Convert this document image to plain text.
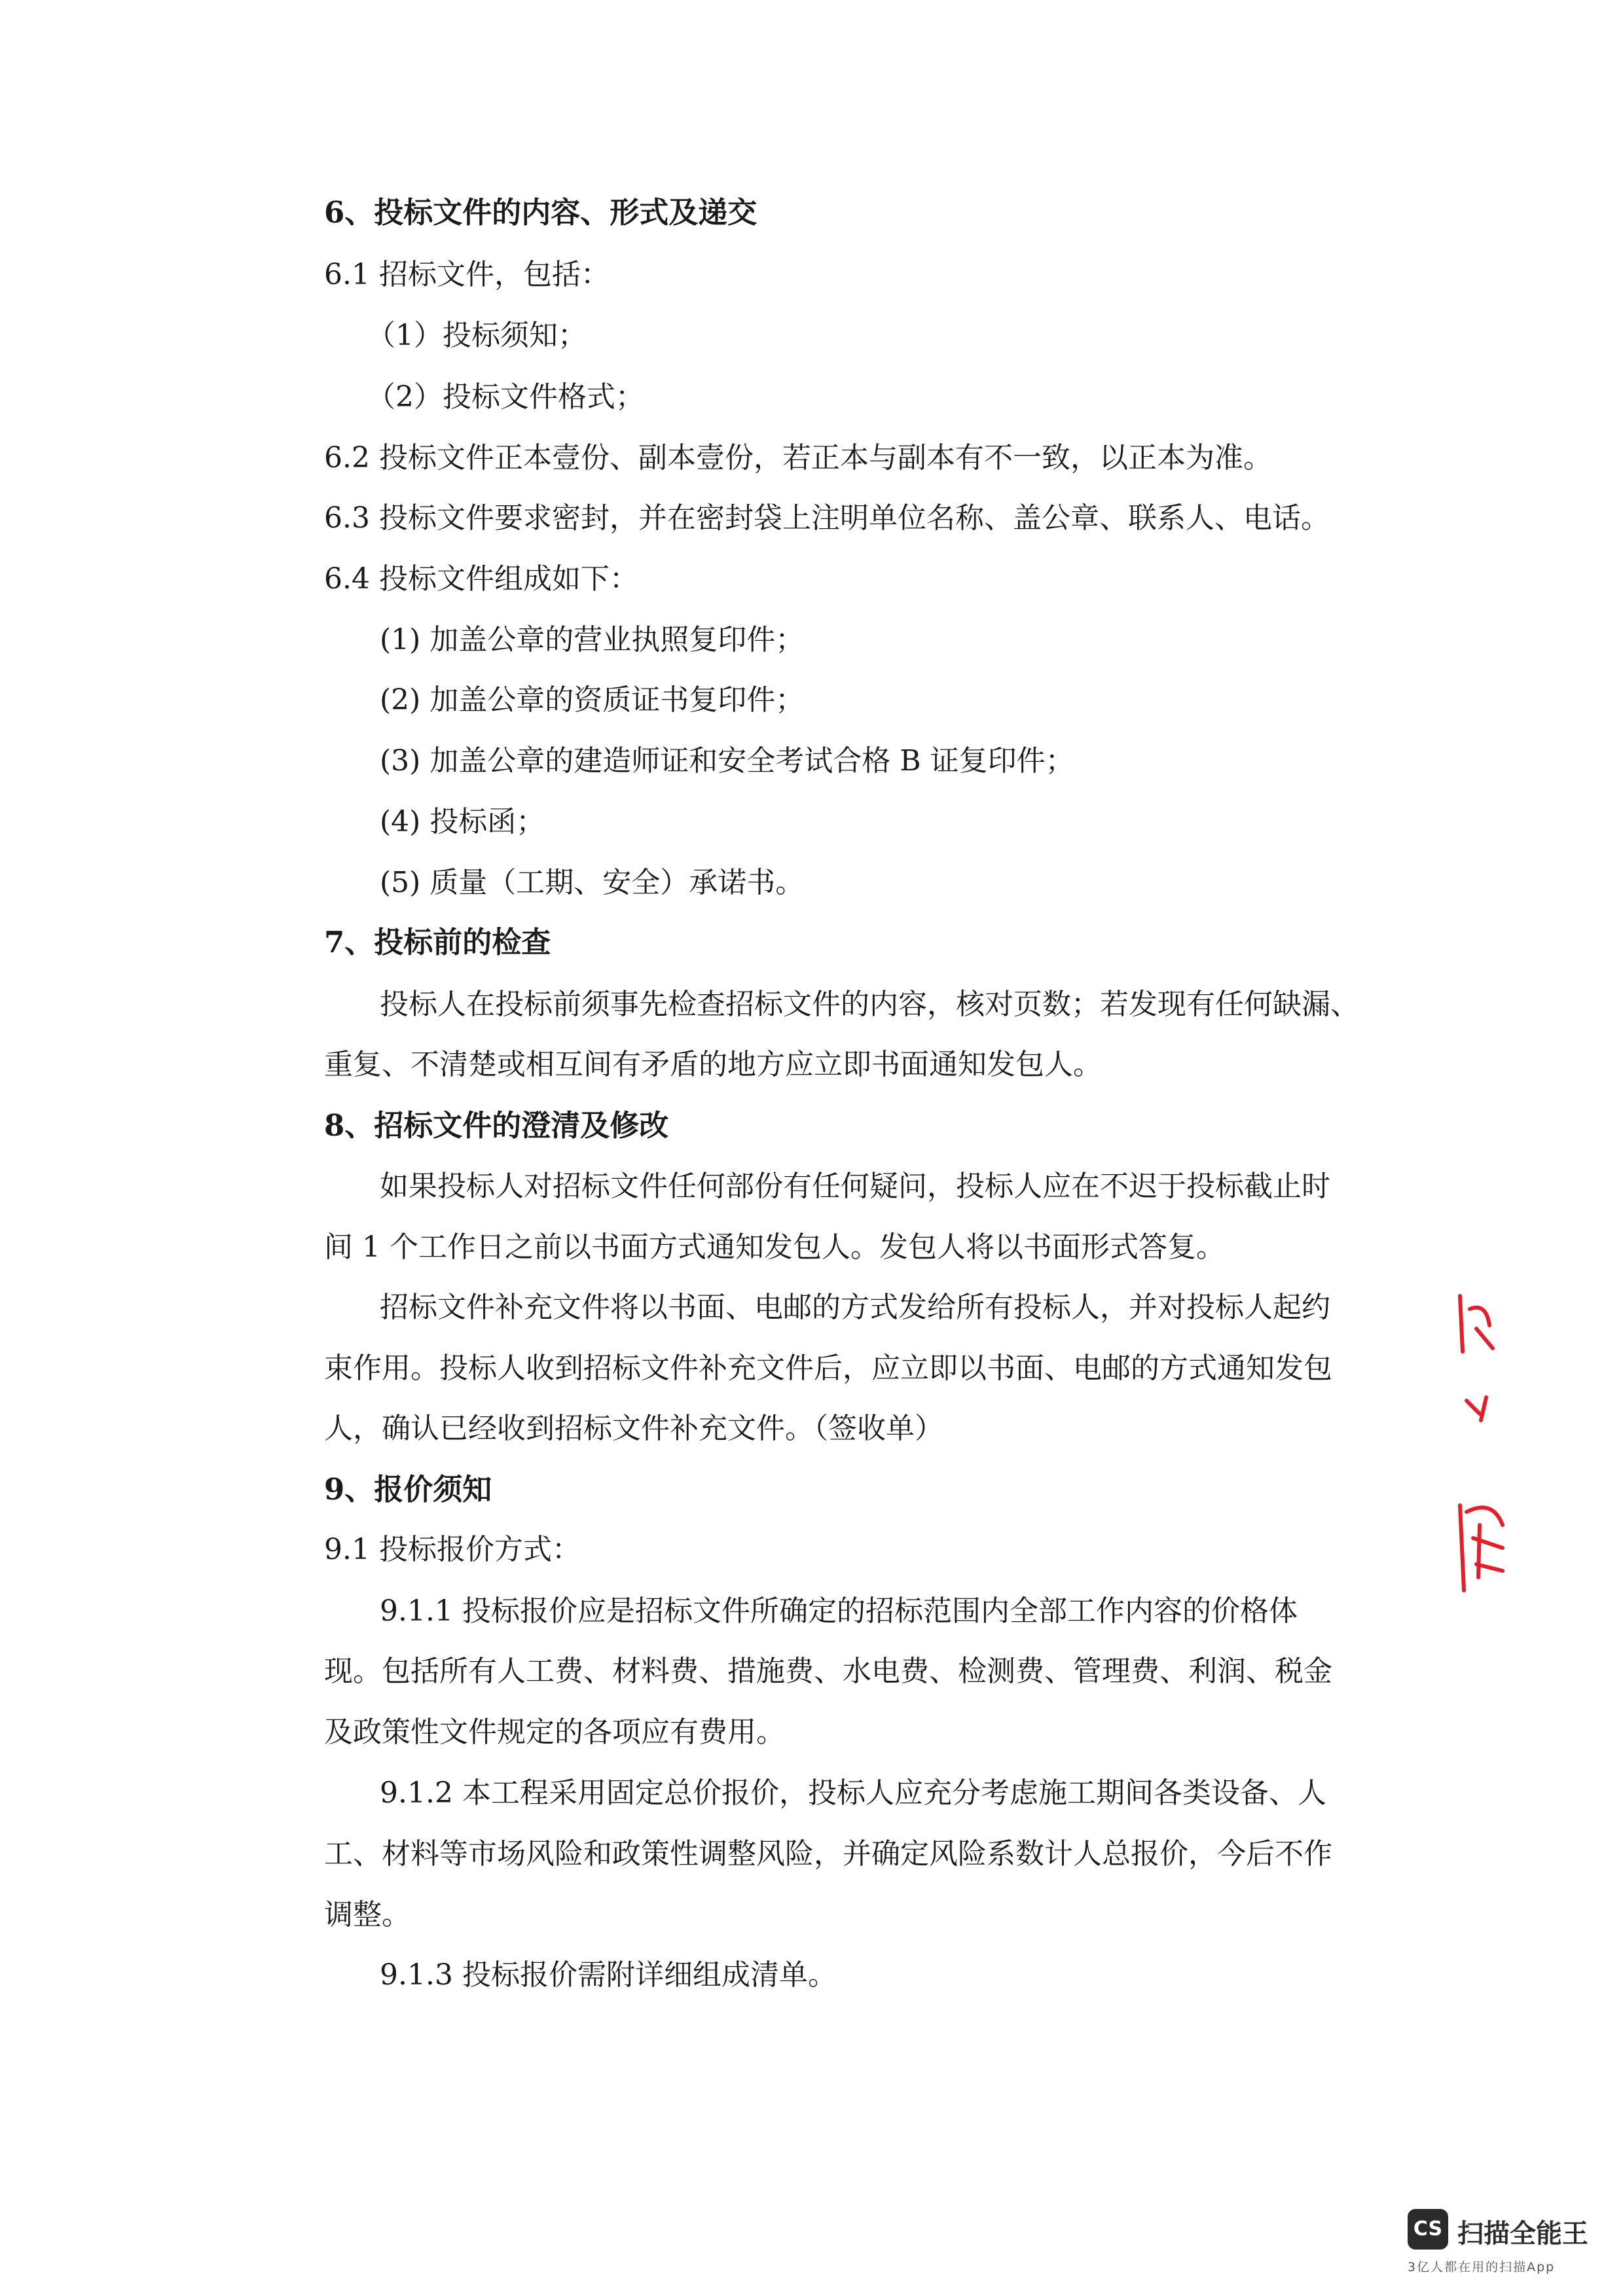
6、投标文件的内容、形式及递交

6.1 招标文件，包括：

（1）投标须知；

（2）投标文件格式；

6.2 投标文件正本壹份、副本壹份，若正本与副本有不一致，以正本为准。

6.3 投标文件要求密封，并在密封袋上注明单位名称、盖公章、联系人、电话。

6.4 投标文件组成如下：

(1) 加盖公章的营业执照复印件；

(2) 加盖公章的资质证书复印件；

(3) 加盖公章的建造师证和安全考试合格 B 证复印件；

(4) 投标函；

(5) 质量（工期、安全）承诺书。

7、投标前的检查

投标人在投标前须事先检查招标文件的内容，核对页数；若发现有任何缺漏、

重复、不清楚或相互间有矛盾的地方应立即书面通知发包人。

8、招标文件的澄清及修改

如果投标人对招标文件任何部份有任何疑问，投标人应在不迟于投标截止时

间 1 个工作日之前以书面方式通知发包人。发包人将以书面形式答复。

招标文件补充文件将以书面、电邮的方式发给所有投标人，并对投标人起约

束作用。投标人收到招标文件补充文件后，应立即以书面、电邮的方式通知发包

人，确认已经收到招标文件补充文件。（签收单）

9、报价须知

9.1 投标报价方式：

9.1.1 投标报价应是招标文件所确定的招标范围内全部工作内容的价格体

现。包括所有人工费、材料费、措施费、水电费、检测费、管理费、利润、税金

及政策性文件规定的各项应有费用。

9.1.2 本工程采用固定总价报价，投标人应充分考虑施工期间各类设备、人

工、材料等市场风险和政策性调整风险，并确定风险系数计人总报价，今后不作

调整。

9.1.3 投标报价需附详细组成清单。

CS 扫描全能王
3亿人都在用的扫描App
